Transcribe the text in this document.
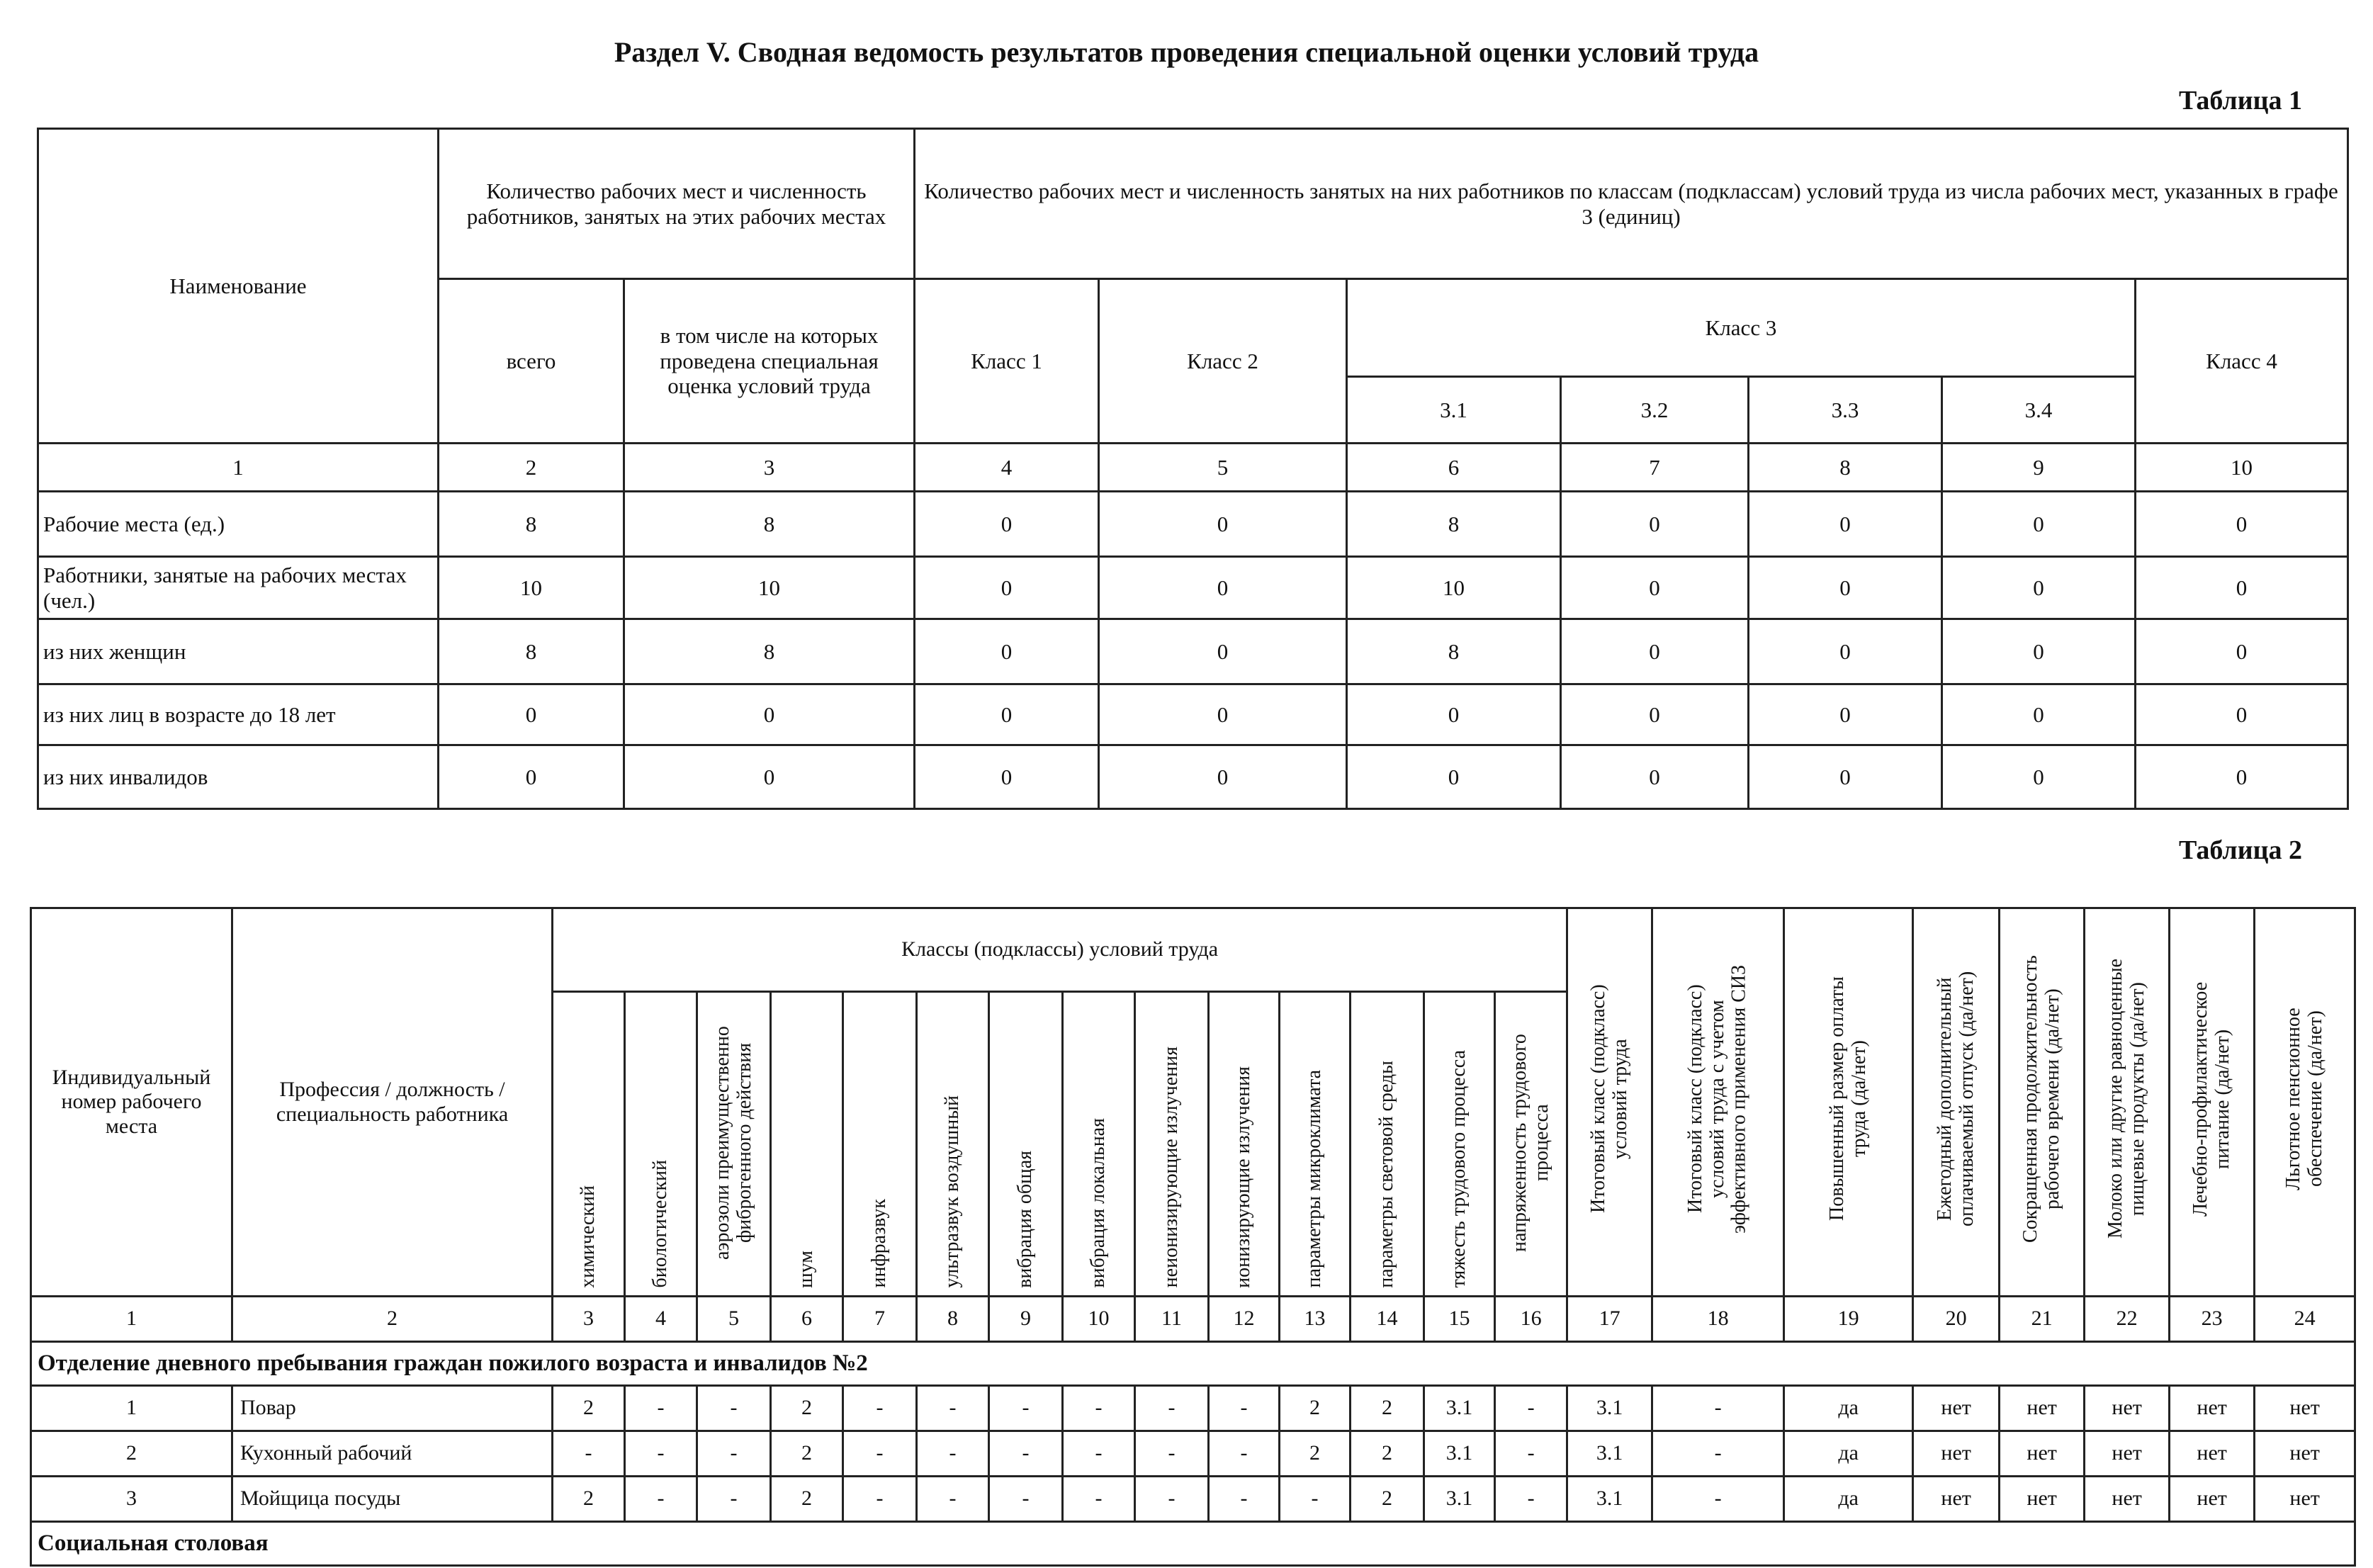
Раздел V. Сводная ведомость результатов проведения специальной оценки условий труда
Таблица 1
Наименование	Количество рабочих мест и численность работников, занятых на этих рабочих местах		Количество рабочих мест и численность занятых на них работников по классам (подклассам) условий труда из числа рабочих мест, указанных в графе 3 (единиц)						
	всего	в том числе на которых проведена специальная оценка условий труда	Класс 1	Класс 2	Класс 3				Класс 4
					3.1	3.2	3.3	3.4	
1	2	3	4	5	6	7	8	9	10
Рабочие места (ед.)	8	8	0	0	8	0	0	0	0
Работники, занятые на рабочих местах (чел.)	10	10	0	0	10	0	0	0	0
из них женщин	8	8	0	0	8	0	0	0	0
из них лиц в возрасте до 18 лет	0	0	0	0	0	0	0	0	0
из них инвалидов	0	0	0	0	0	0	0	0	0
Таблица 2
Индивидуальный номер рабочего места	Профессия / должность / специальность работника	Классы (подклассы) условий труда														Итоговый класс (подкласс) условий труда	Итоговый класс (подкласс) условий труда с учетом эффективного применения СИЗ	Повышенный размер оплаты труда (да/нет)	Ежегодный дополнительный оплачиваемый отпуск (да/нет)	Сокращенная продолжительность рабочего времени (да/нет)	Молоко или другие равноценные пищевые продукты (да/нет)	Лечебно-профилактическое питание (да/нет)	Льготное пенсионное обеспечение (да/нет)
		химический	биологический	аэрозоли преимущественно фиброгенного действия	шум	инфразвук	ультразвук воздушный	вибрация общая	вибрация локальная	неионизирующие излучения	ионизирующие излучения	параметры микроклимата	параметры световой среды	тяжесть трудового процесса	напряженность трудового процесса								
1	2	3	4	5	6	7	8	9	10	11	12	13	14	15	16	17	18	19	20	21	22	23	24
Отделение дневного пребывания граждан пожилого возраста и инвалидов №2																							
1	Повар	2	-	-	2	-	-	-	-	-	-	2	2	3.1	-	3.1	-	да	нет	нет	нет	нет	нет
2	Кухонный рабочий	-	-	-	2	-	-	-	-	-	-	2	2	3.1	-	3.1	-	да	нет	нет	нет	нет	нет
3	Мойщица посуды	2	-	-	2	-	-	-	-	-	-	-	2	3.1	-	3.1	-	да	нет	нет	нет	нет	нет
Социальная столовая																							
